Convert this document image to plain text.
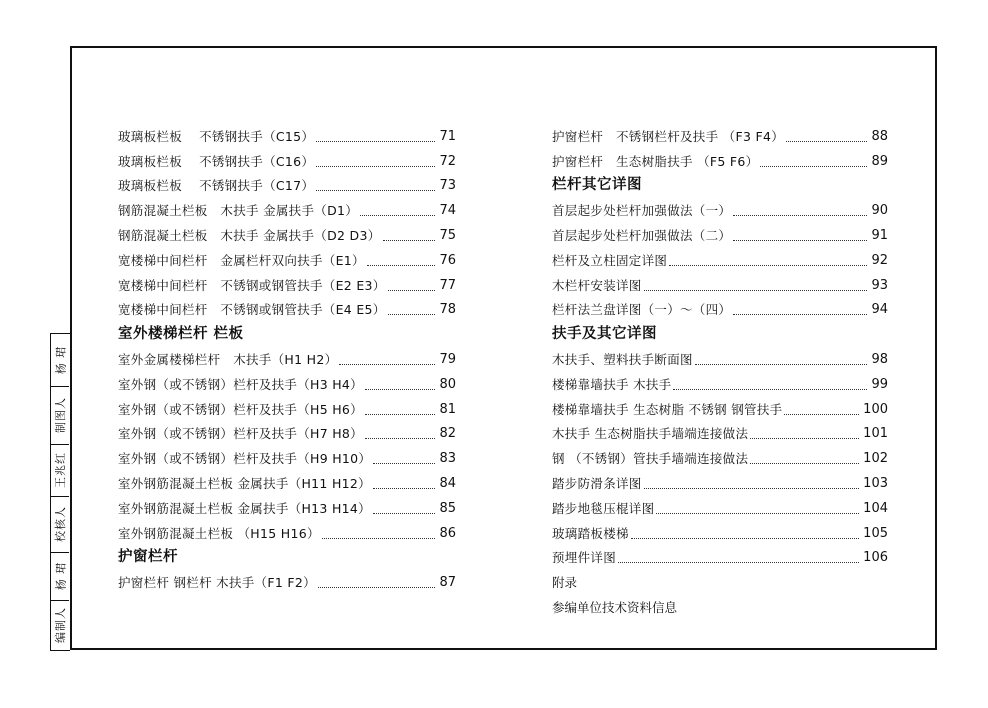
杨 珺
制图人
王兆红
校核人
杨 珺
编制人
玻璃板栏板　 不锈钢扶手（C15）	71
玻璃板栏板　 不锈钢扶手（C16）	72
玻璃板栏板　 不锈钢扶手（C17）	73
钢筋混凝土栏板　木扶手 金属扶手（D1）	74
钢筋混凝土栏板　木扶手 金属扶手（D2 D3）	75
宽楼梯中间栏杆　金属栏杆双向扶手（E1）	76
宽楼梯中间栏杆　不锈钢或钢管扶手（E2 E3）	77
宽楼梯中间栏杆　不锈钢或钢管扶手（E4 E5）	78
室外楼梯栏杆 栏板
室外金属楼梯栏杆　木扶手（H1 H2）	79
室外钢（或不锈钢）栏杆及扶手（H3 H4）	80
室外钢（或不锈钢）栏杆及扶手（H5 H6）	81
室外钢（或不锈钢）栏杆及扶手（H7 H8）	82
室外钢（或不锈钢）栏杆及扶手（H9 H10）	83
室外钢筋混凝土栏板 金属扶手（H11 H12）	84
室外钢筋混凝土栏板 金属扶手（H13 H14）	85
室外钢筋混凝土栏板 （H15 H16）	86
护窗栏杆
护窗栏杆 钢栏杆 木扶手（F1 F2）	87
护窗栏杆　不锈钢栏杆及扶手 （F3 F4）	88
护窗栏杆　生态树脂扶手 （F5 F6）	89
栏杆其它详图
首层起步处栏杆加强做法（一）	90
首层起步处栏杆加强做法（二）	91
栏杆及立柱固定详图	92
木栏杆安装详图	93
栏杆法兰盘详图（一）～（四）	94
扶手及其它详图
木扶手、塑料扶手断面图	98
楼梯靠墙扶手 木扶手	99
楼梯靠墙扶手 生态树脂 不锈钢 钢管扶手	100
木扶手 生态树脂扶手墙端连接做法	101
钢 （不锈钢）管扶手墙端连接做法	102
踏步防滑条详图	103
踏步地毯压棍详图	104
玻璃踏板楼梯	105
预埋件详图	106
附录
参编单位技术资料信息
